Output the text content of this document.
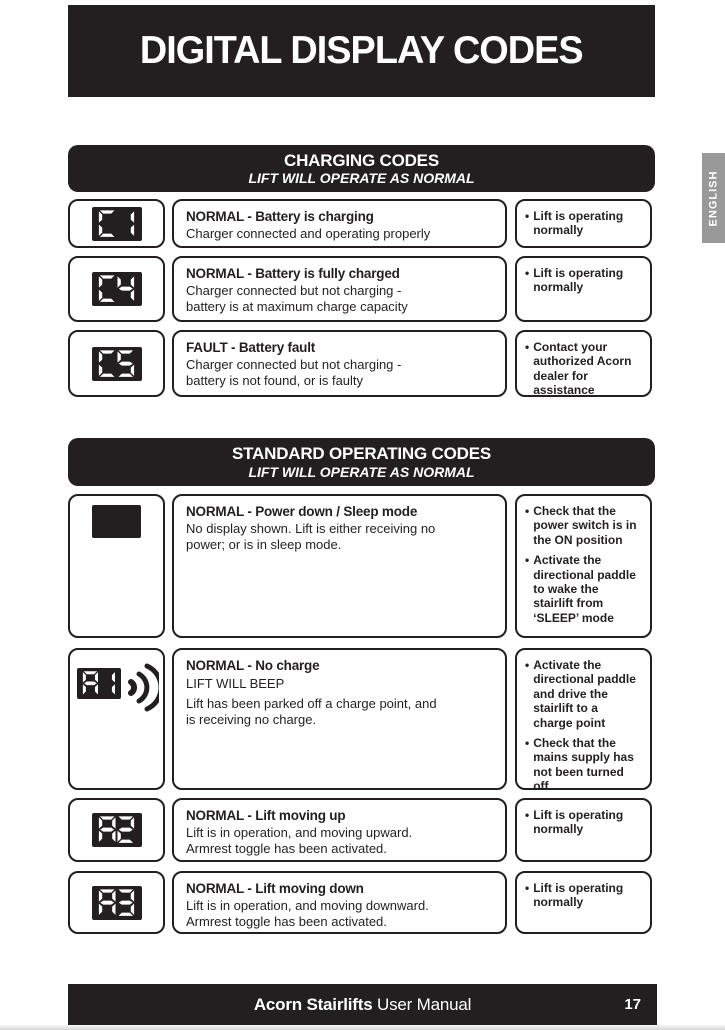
DIGITAL DISPLAY CODES
ENGLISH
CHARGING CODES
LIFT WILL OPERATE AS NORMAL
NORMAL - Battery is charging
Charger connected and operating properly
• Lift is operating normally
NORMAL - Battery is fully charged
Charger connected but not charging - battery is at maximum charge capacity
• Lift is operating normally
FAULT - Battery fault
Charger connected but not charging - battery is not found, or is faulty
• Contact your authorized Acorn dealer for assistance
STANDARD OPERATING CODES
LIFT WILL OPERATE AS NORMAL
NORMAL - Power down / Sleep mode
No display shown. Lift is either receiving no power; or is in sleep mode.
• Check that the power switch is in the ON position
• Activate the directional paddle to wake the stairlift from ‘SLEEP’ mode
NORMAL - No charge
LIFT WILL BEEP
Lift has been parked off a charge point, and is receiving no charge.
• Activate the directional paddle and drive the stairlift to a charge point
• Check that the mains supply has not been turned off
NORMAL - Lift moving up
Lift is in operation, and moving upward. Armrest toggle has been activated.
• Lift is operating normally
NORMAL - Lift moving down
Lift is in operation, and moving downward. Armrest toggle has been activated.
• Lift is operating normally
Acorn Stairlifts User Manual	17
